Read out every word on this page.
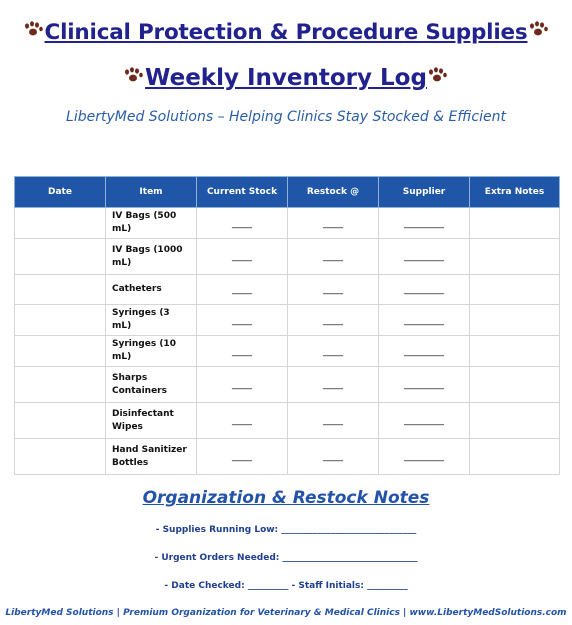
Clinical Protection & Procedure Supplies
Weekly Inventory Log
LibertyMed Solutions – Helping Clinics Stay Stocked & Efficient
Date	Item	Current Stock	Restock @	Supplier	Extra Notes
	IV Bags (500 mL)	____	____	________	
	IV Bags (1000 mL)	____	____	________	
	Catheters	____	____	________	
	Syringes (3 mL)	____	____	________	
	Syringes (10 mL)	____	____	________	
	Sharps Containers	____	____	________	
	Disinfectant Wipes	____	____	________	
	Hand Sanitizer Bottles	____	____	________	
Organization & Restock Notes
- Supplies Running Low: ______________________________
- Urgent Orders Needed: ______________________________
- Date Checked: _________ - Staff Initials: _________
LibertyMed Solutions | Premium Organization for Veterinary & Medical Clinics | www.LibertyMedSolutions.com
